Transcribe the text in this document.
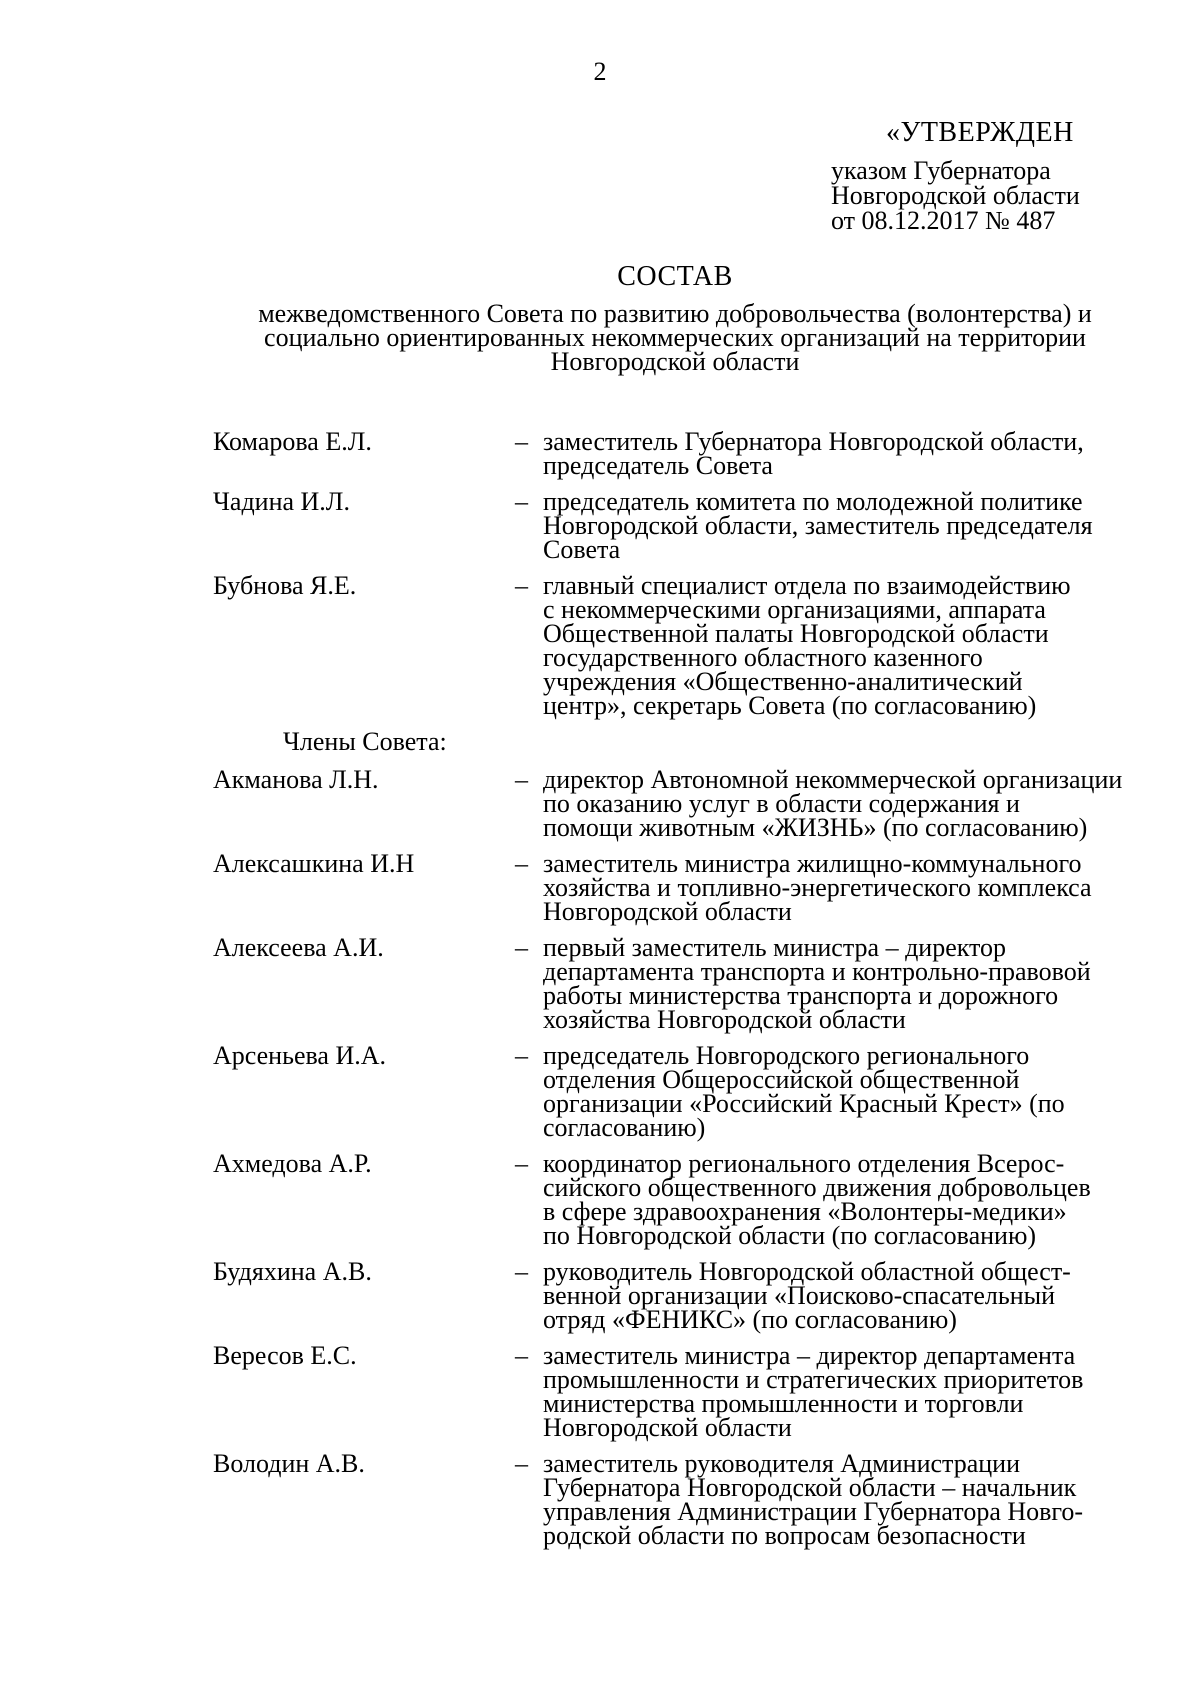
2
«УТВЕРЖДЕН
указом Губернатора
Новгородской области
от 08.12.2017 № 487
СОСТАВ
межведомственного Совета по развитию добровольчества (волонтерства) и
социально ориентированных некоммерческих организаций на территории
Новгородской области
Комарова Е.Л.	– заместитель Губернатора Новгородской области,
председатель Совета
Чадина И.Л.	– председатель комитета по молодежной политике
Новгородской области, заместитель председателя
Совета
Бубнова Я.Е.	– главный специалист отдела по взаимодействию
с некоммерческими организациями, аппарата
Общественной палаты Новгородской области
государственного областного казенного
учреждения «Общественно-аналитический
центр», секретарь Совета (по согласованию)
Члены Совета:
Акманова Л.Н.	– директор Автономной некоммерческой организации
по оказанию услуг в области содержания и
помощи животным «ЖИЗНЬ» (по согласованию)
Алексашкина И.Н	– заместитель министра жилищно-коммунального
хозяйства и топливно-энергетического комплекса
Новгородской области
Алексеева А.И.	– первый заместитель министра – директор
департамента транспорта и контрольно-правовой
работы министерства транспорта и дорожного
хозяйства Новгородской области
Арсеньева И.А.	– председатель Новгородского регионального
отделения Общероссийской общественной
организации «Российский Красный Крест» (по
согласованию)
Ахмедова А.Р.	– координатор регионального отделения Всерос-
сийского общественного движения добровольцев
в сфере здравоохранения «Волонтеры-медики»
по Новгородской области (по согласованию)
Будяхина А.В.	– руководитель Новгородской областной общест-
венной организации «Поисково-спасательный
отряд «ФЕНИКС» (по согласованию)
Вересов Е.С.	– заместитель министра – директор департамента
промышленности и стратегических приоритетов
министерства промышленности и торговли
Новгородской области
Володин А.В.	– заместитель руководителя Администрации
Губернатора Новгородской области – начальник
управления Администрации Губернатора Новго-
родской области по вопросам безопасности
